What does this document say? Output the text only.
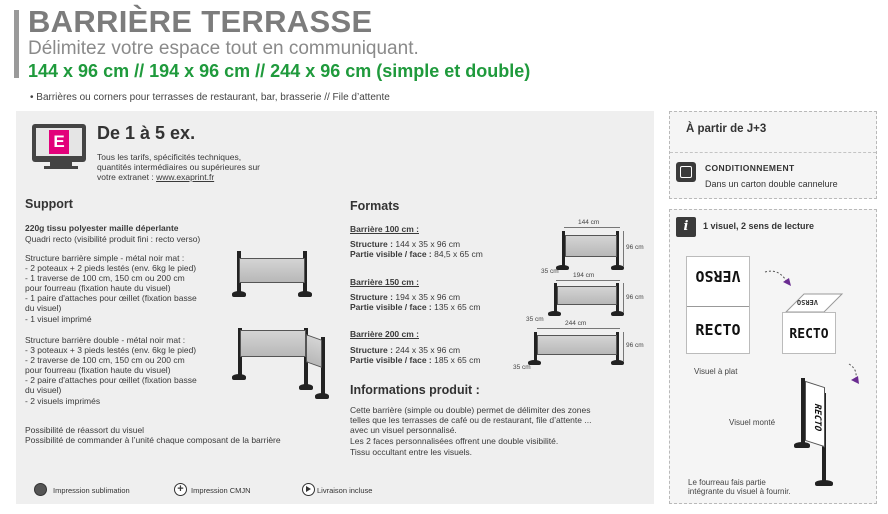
BARRIÈRE TERRASSE
Délimitez votre espace tout en communiquant.
144 x 96 cm // 194 x 96 cm // 244 x 96 cm (simple et double)
• Barrières ou corners pour terrasses de restaurant, bar, brasserie // File d’attente
E De 1 à 5 ex.
Tous les tarifs, spécificités techniques,
quantités intermédiaires ou supérieures sur
votre extranet : www.exaprint.fr
Support
220g tissu polyester maille déperlante
Quadri recto (visibilité produit fini : recto verso)
Structure barrière simple - métal noir mat :
- 2 poteaux + 2 pieds lestés (env. 6kg le pied)
- 1 traverse de 100 cm, 150 cm ou 200 cm
pour fourreau (fixation haute du visuel)
- 1 paire d'attaches pour œillet (fixation basse
du visuel)
- 1 visuel imprimé
Structure barrière double - métal noir mat :
- 3 poteaux + 3 pieds lestés (env. 6kg le pied)
- 2 traverse de 100 cm, 150 cm ou 200 cm
pour fourreau (fixation haute du visuel)
- 2 paire d'attaches pour œillet (fixation basse
du visuel)
- 2 visuels imprimés
Possibilité de réassort du visuel
Possibilité de commander à l’unité chaque composant de la barrière
Formats
Barrière 100 cm :
Structure : 144 x 35 x 96 cm
Partie visible / face : 84,5 x 65 cm
Barrière 150 cm :
Structure : 194 x 35 x 96 cm
Partie visible / face : 135 x 65 cm
Barrière 200 cm :
Structure : 244 x 35 x 96 cm
Partie visible / face : 185 x 65 cm
144 cm
96 cm
35 cm
194 cm
96 cm
35 cm
244 cm
96 cm
35 cm
Informations produit :
Cette barrière (simple ou double) permet de délimiter des zones
telles que les terrasses de café ou de restaurant, file d’attente ...
avec un visuel personnalisé.
Les 2 faces personnalisées offrent une double visibilité.
Tissu occultant entre les visuels.
Impression sublimation	+ Impression CMJN	Livraison incluse
À partir de J+3
CONDITIONNEMENT
Dans un carton double cannelure
i	1 visuel, 2 sens de lecture
VERSO
RECTO
VERSO
RECTO
Visuel à plat
RECTO
Visuel monté
Le fourreau fais partie
intégrante du visuel à fournir.
